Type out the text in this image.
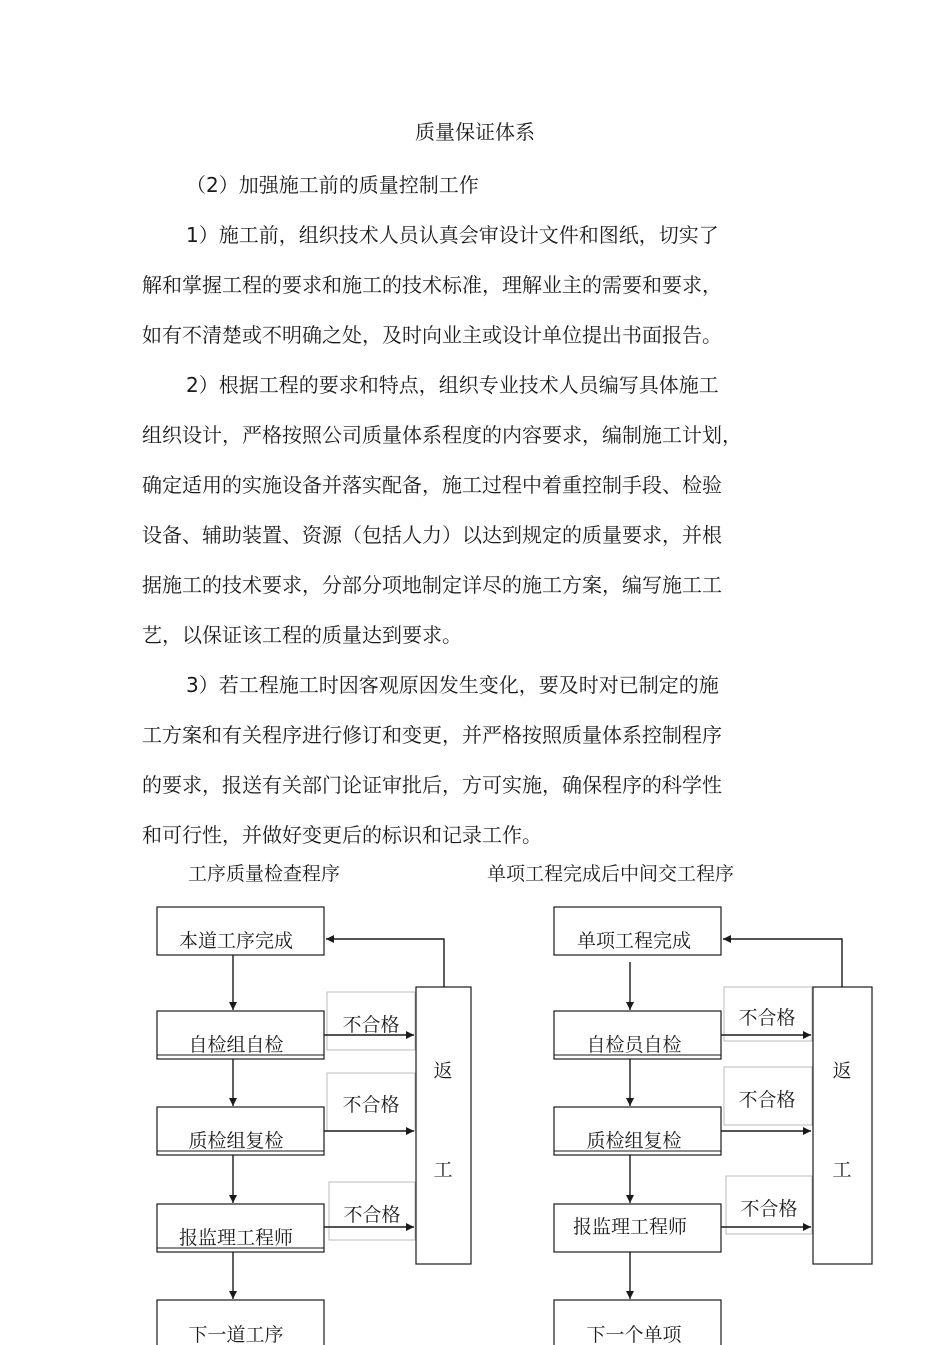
质量保证体系
（2）加强施工前的质量控制工作
1）施工前，组织技术人员认真会审设计文件和图纸，切实了
解和掌握工程的要求和施工的技术标准，理解业主的需要和要求，
如有不清楚或不明确之处，及时向业主或设计单位提出书面报告。
2）根据工程的要求和特点，组织专业技术人员编写具体施工
组织设计，严格按照公司质量体系程度的内容要求，编制施工计划，
确定适用的实施设备并落实配备，施工过程中着重控制手段、检验
设备、辅助装置、资源（包括人力）以达到规定的质量要求，并根
据施工的技术要求，分部分项地制定详尽的施工方案，编写施工工
艺，以保证该工程的质量达到要求。
3）若工程施工时因客观原因发生变化，要及时对已制定的施
工方案和有关程序进行修订和变更，并严格按照质量体系控制程序
的要求，报送有关部门论证审批后，方可实施，确保程序的科学性
和可行性，并做好变更后的标识和记录工作。
工序质量检查程序	单项工程完成后中间交工程序
本道工序完成
自检组自检
质检组复检
报监理工程师
下一道工序
不合格
不合格
不合格
返
工
单项工程完成
自检员自检
质检组复检
报监理工程师
下一个单项
不合格
不合格
不合格
返
工
